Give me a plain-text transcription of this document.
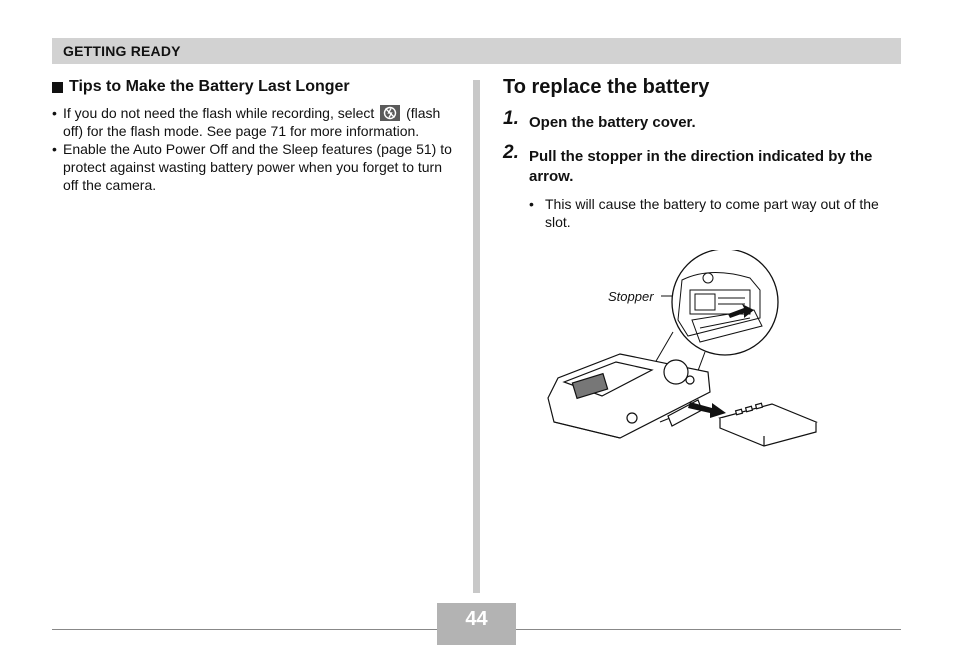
GETTING READY
Tips to Make the Battery Last Longer
• If you do not need the flash while recording, select (flash off) for the flash mode. See page 71 for more information.
• Enable the Auto Power Off and the Sleep features (page 51) to protect against wasting battery power when you forget to turn off the camera.
To replace the battery
1. Open the battery cover.
2. Pull the stopper in the direction indicated by the arrow.
• This will cause the battery to come part way out of the slot.
Stopper
44
